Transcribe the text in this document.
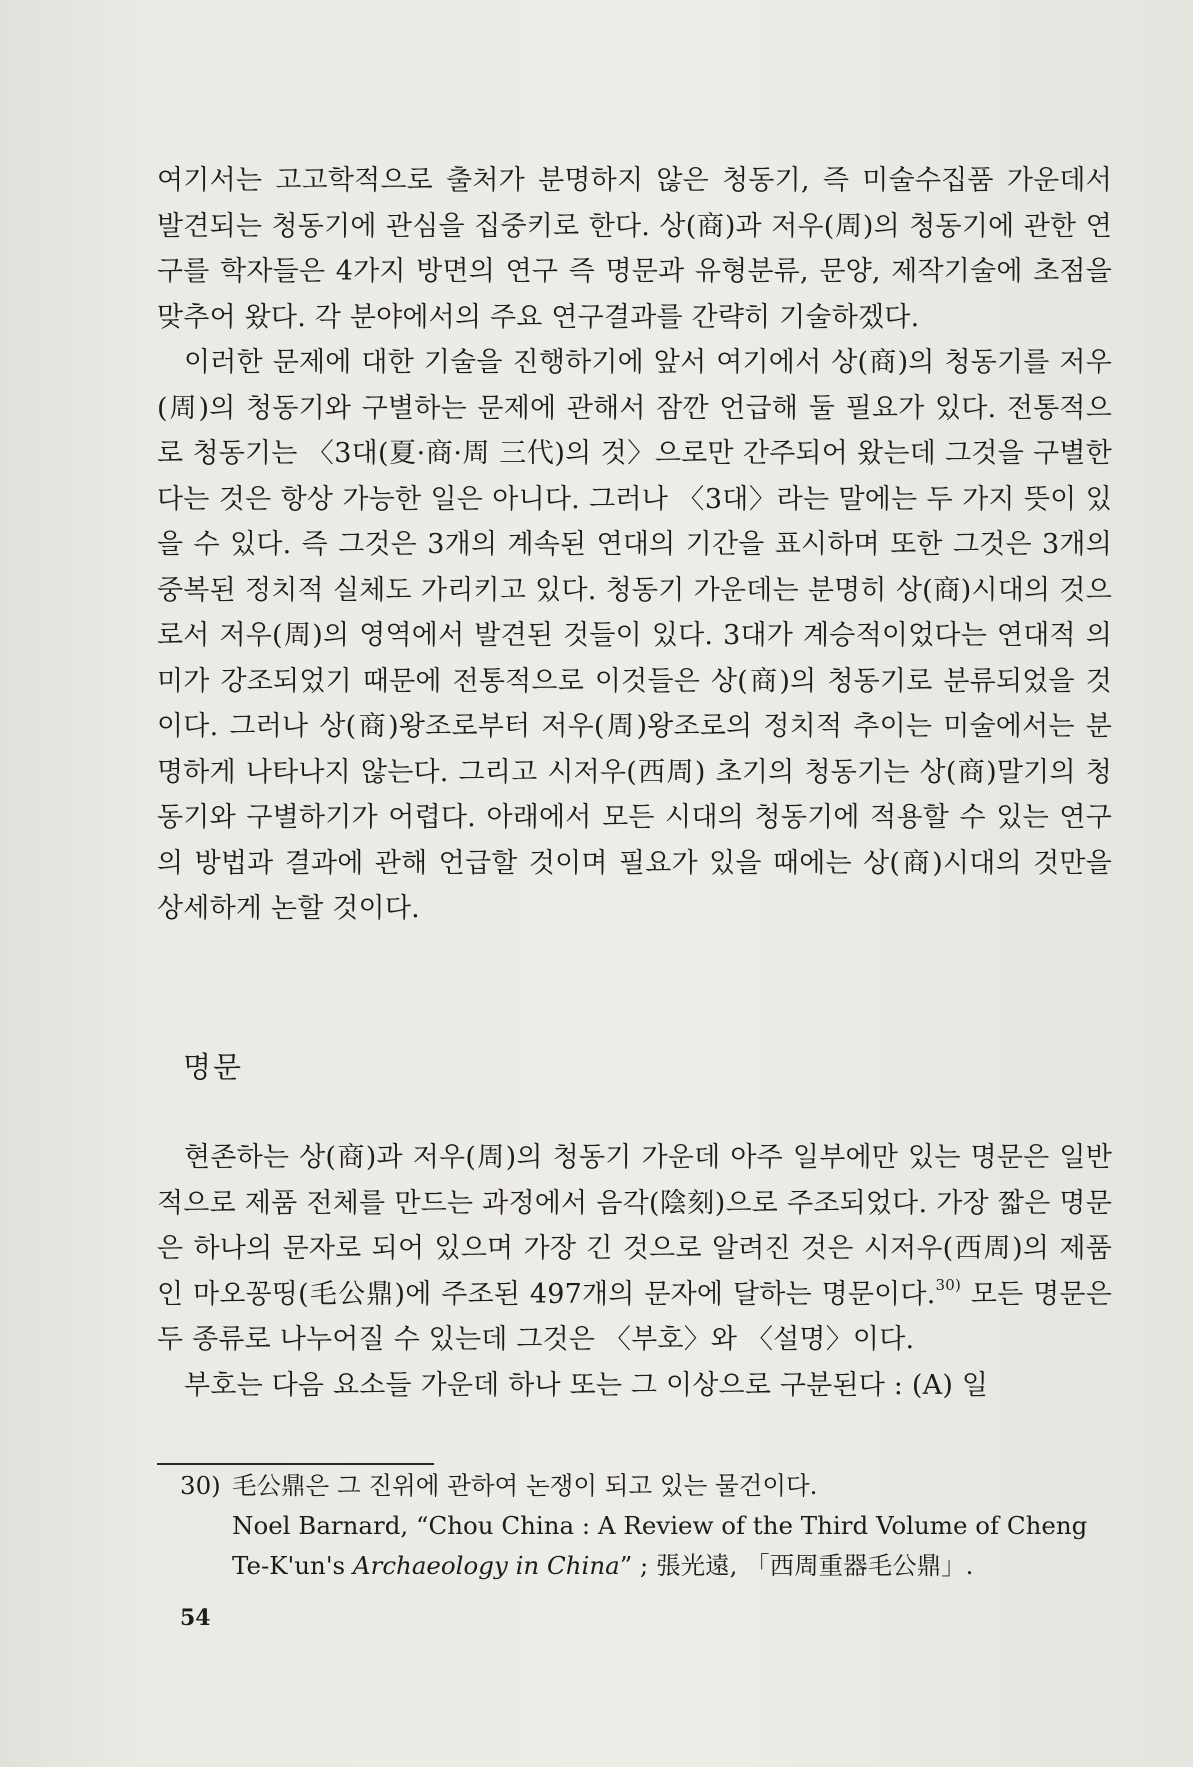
여기서는 고고학적으로 출처가 분명하지 않은 청동기, 즉 미술수집품 가운데서 발견되는 청동기에 관심을 집중키로 한다. 상(商)과 저우(周)의 청동기에 관한 연구를 학자들은 4가지 방면의 연구 즉 명문과 유형분류, 문양, 제작기술에 초점을 맞추어 왔다. 각 분야에서의 주요 연구결과를 간략히 기술하겠다.

이러한 문제에 대한 기술을 진행하기에 앞서 여기에서 상(商)의 청동기를 저우(周)의 청동기와 구별하는 문제에 관해서 잠깐 언급해 둘 필요가 있다. 전통적으로 청동기는 〈3대(夏·商·周 三代)의 것〉으로만 간주되어 왔는데 그것을 구별한다는 것은 항상 가능한 일은 아니다. 그러나 〈3대〉라는 말에는 두 가지 뜻이 있을 수 있다. 즉 그것은 3개의 계속된 연대의 기간을 표시하며 또한 그것은 3개의 중복된 정치적 실체도 가리키고 있다. 청동기 가운데는 분명히 상(商)시대의 것으로서 저우(周)의 영역에서 발견된 것들이 있다. 3대가 계승적이었다는 연대적 의미가 강조되었기 때문에 전통적으로 이것들은 상(商)의 청동기로 분류되었을 것이다. 그러나 상(商)왕조로부터 저우(周)왕조로의 정치적 추이는 미술에서는 분명하게 나타나지 않는다. 그리고 시저우(西周) 초기의 청동기는 상(商)말기의 청동기와 구별하기가 어렵다. 아래에서 모든 시대의 청동기에 적용할 수 있는 연구의 방법과 결과에 관해 언급할 것이며 필요가 있을 때에는 상(商)시대의 것만을 상세하게 논할 것이다.

명문

현존하는 상(商)과 저우(周)의 청동기 가운데 아주 일부에만 있는 명문은 일반적으로 제품 전체를 만드는 과정에서 음각(陰刻)으로 주조되었다. 가장 짧은 명문은 하나의 문자로 되어 있으며 가장 긴 것으로 알려진 것은 시저우(西周)의 제품인 마오꽁띵(毛公鼎)에 주조된 497개의 문자에 달하는 명문이다.$^{30)}$ 모든 명문은 두 종류로 나누어질 수 있는데 그것은 〈부호〉와 〈설명〉이다.

부호는 다음 요소들 가운데 하나 또는 그 이상으로 구분된다 : (A) 일

30) 毛公鼎은 그 진위에 관하여 논쟁이 되고 있는 물건이다.
Noel Barnard, “Chou China : A Review of the Third Volume of Cheng
Te-K'un's Archaeology in China” ; 張光遠, 「西周重器毛公鼎」.
54
